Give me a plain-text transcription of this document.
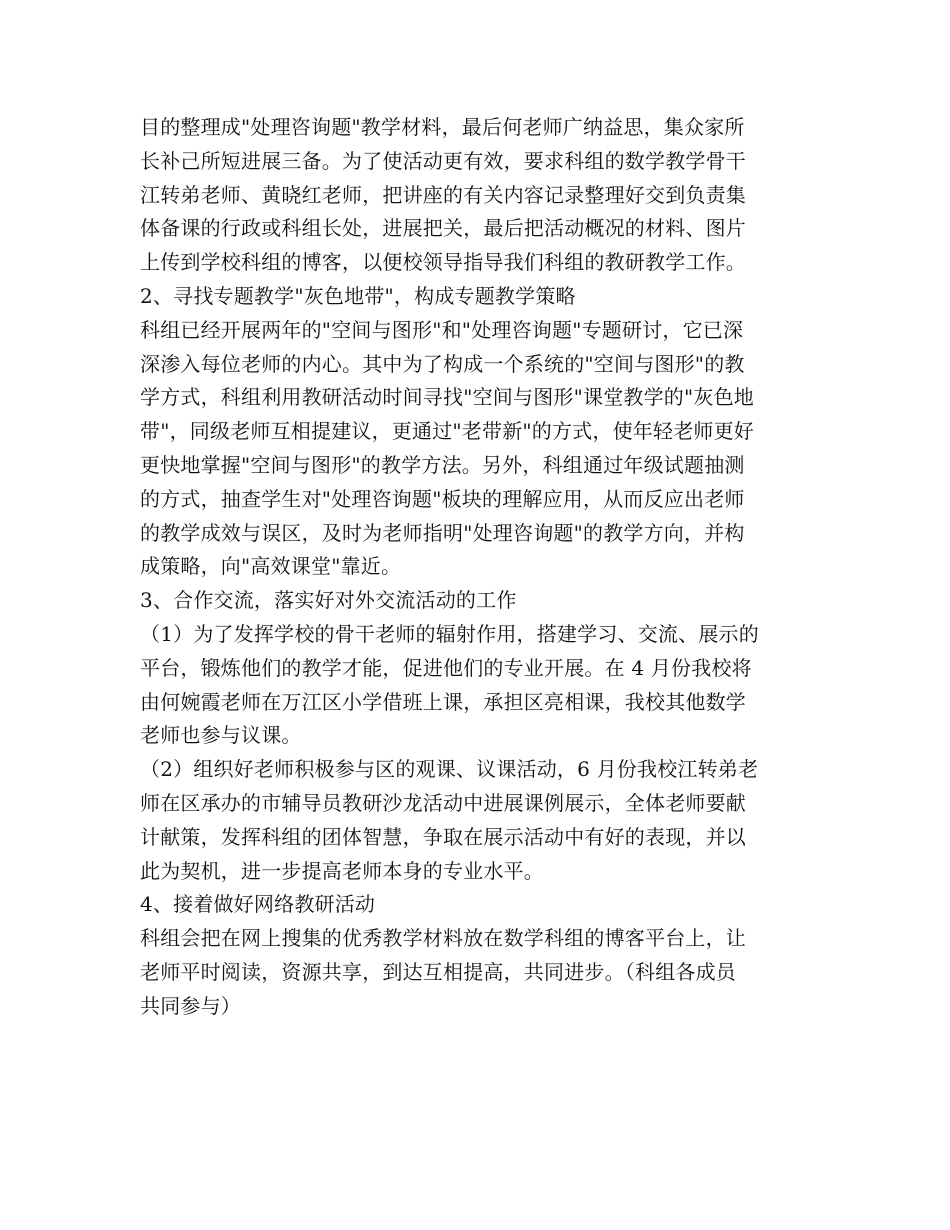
目的整理成"处理咨询题"教学材料，最后何老师广纳益思，集众家所
长补己所短进展三备。为了使活动更有效，要求科组的数学教学骨干
江转弟老师、黄晓红老师，把讲座的有关内容记录整理好交到负责集
体备课的行政或科组长处，进展把关，最后把活动概况的材料、图片
上传到学校科组的博客，以便校领导指导我们科组的教研教学工作。
2、寻找专题教学"灰色地带"，构成专题教学策略
科组已经开展两年的"空间与图形"和"处理咨询题"专题研讨，它已深
深渗入每位老师的内心。其中为了构成一个系统的"空间与图形"的教
学方式，科组利用教研活动时间寻找"空间与图形"课堂教学的"灰色地
带"，同级老师互相提建议，更通过"老带新"的方式，使年轻老师更好
更快地掌握"空间与图形"的教学方法。另外，科组通过年级试题抽测
的方式，抽查学生对"处理咨询题"板块的理解应用，从而反应出老师
的教学成效与误区，及时为老师指明"处理咨询题"的教学方向，并构
成策略，向"高效课堂"靠近。
3、合作交流，落实好对外交流活动的工作
（1）为了发挥学校的骨干老师的辐射作用，搭建学习、交流、展示的
平台，锻炼他们的教学才能，促进他们的专业开展。在 4 月份我校将
由何婉霞老师在万江区小学借班上课，承担区亮相课，我校其他数学
老师也参与议课。
（2）组织好老师积极参与区的观课、议课活动，6 月份我校江转弟老
师在区承办的市辅导员教研沙龙活动中进展课例展示，全体老师要献
计献策，发挥科组的团体智慧，争取在展示活动中有好的表现，并以
此为契机，进一步提高老师本身的专业水平。
4、接着做好网络教研活动
科组会把在网上搜集的优秀教学材料放在数学科组的博客平台上，让
老师平时阅读，资源共享，到达互相提高，共同进步。（科组各成员
共同参与）
